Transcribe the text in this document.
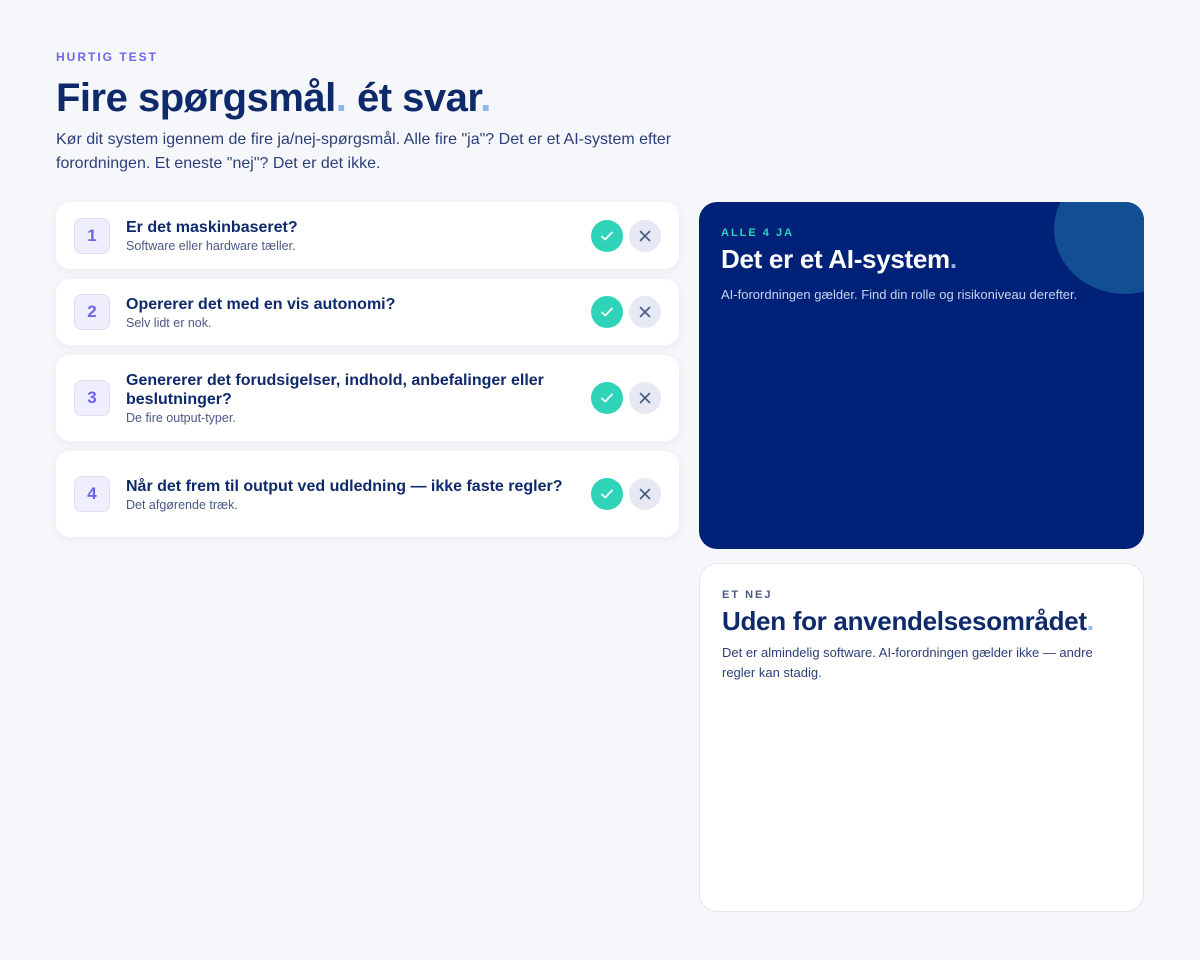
HURTIG TEST
Fire spørgsmål. ét svar.

Kør dit system igennem de fire ja/nej-spørgsmål. Alle fire "ja"? Det er et AI-system efter forordningen. Et eneste "nej"? Det er det ikke.

1	Er det maskinbaseret?
Software eller hardware tæller.
2	Opererer det med en vis autonomi?
Selv lidt er nok.
3
Genererer det forudsigelser, indhold, anbefalinger eller beslutninger?
De fire output-typer.
4	Når det frem til output ved udledning — ikke faste regler?
Det afgørende træk.
ALLE 4 JA
Det er et AI-system.
AI-forordningen gælder. Find din rolle og risikoniveau derefter.
ET NEJ
Uden for anvendelsesområdet.
Det er almindelig software. AI-forordningen gælder ikke — andre regler kan stadig.
